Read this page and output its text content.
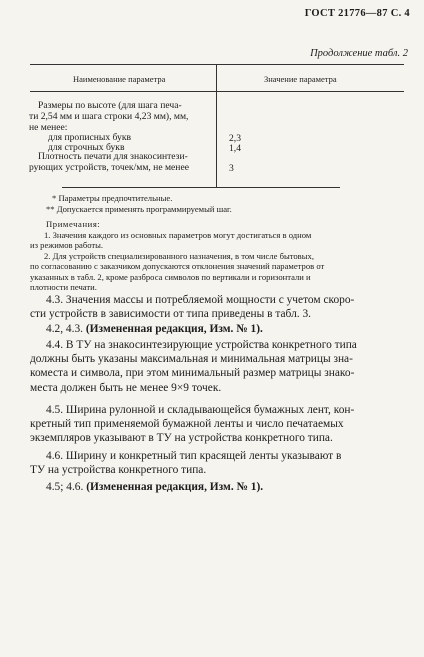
ГОСТ 21776—87 С. 4
Продолжение табл. 2
Наименование параметра	Значение параметра
Размеры по высоте (для шага печа-
ти 2,54 мм и шага строки 4,23 мм), мм,
не менее:
для прописных букв	2,3
для строчных букв	1,4
Плотность печати для знакосинтези-
рующих устройств, точек/мм, не менее	3
* Параметры предпочтительные.
** Допускается применять программируемый шаг.
Примечания:
1. Значения каждого из основных параметров могут достигаться в одном
из режимов работы.
2. Для устройств специализированного назначения, в том числе бытовых,
по согласованию с заказчиком допускаются отклонения значений параметров от
указанных в табл. 2, кроме разброса символов по вертикали и горизонтали и
плотности печати.
4.3. Значения массы и потребляемой мощности с учетом скоро-
сти устройств в зависимости от типа приведены в табл. 3.
4.2, 4.3. (Измененная редакция, Изм. № 1).
4.4. В ТУ на знакосинтезирующие устройства конкретного типа
должны быть указаны максимальная и минимальная матрицы зна-
коместа и символа, при этом минимальный размер матрицы знако-
места должен быть не менее 9×9 точек.
4.5. Ширина рулонной и складывающейся бумажных лент, кон-
кретный тип применяемой бумажной ленты и число печатаемых
экземпляров указывают в ТУ на устройства конкретного типа.
4.6. Ширину и конкретный тип красящей ленты указывают в
ТУ на устройства конкретного типа.
4.5; 4.6. (Измененная редакция, Изм. № 1).
